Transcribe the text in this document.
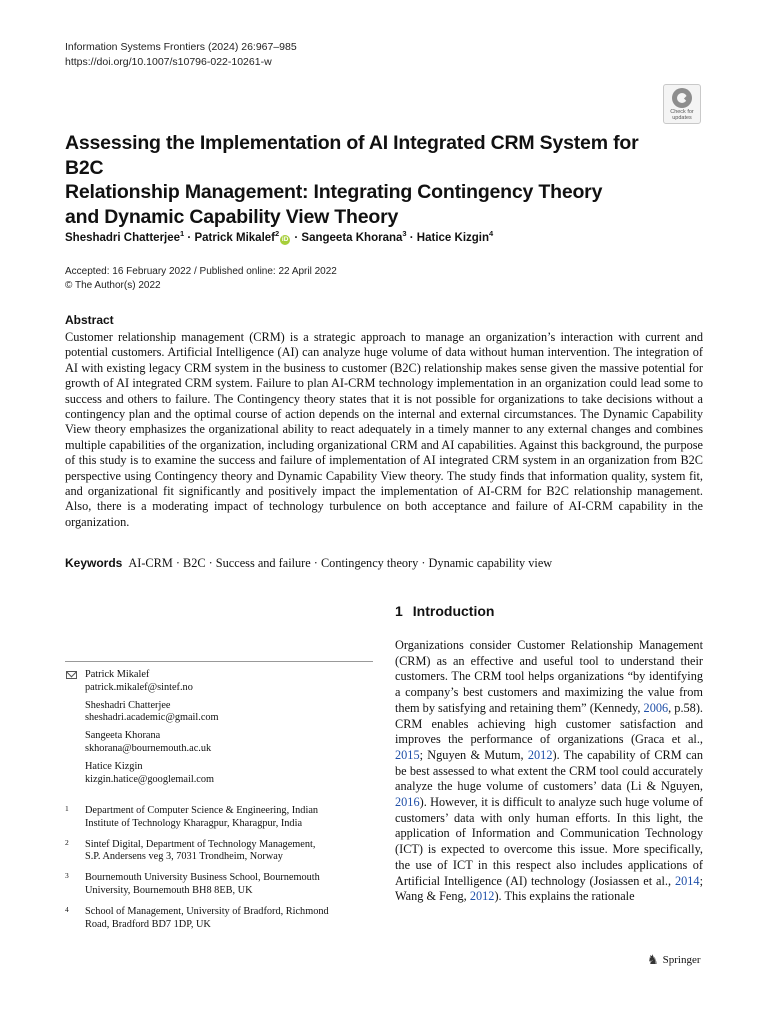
Information Systems Frontiers (2024) 26:967–985
https://doi.org/10.1007/s10796-022-10261-w
Check for
updates
Assessing the Implementation of AI Integrated CRM System for B2C
Relationship Management: Integrating Contingency Theory
and Dynamic Capability View Theory
Sheshadri Chatterjee$^1$ · Patrick Mikalef$^2$iD · Sangeeta Khorana$^3$ · Hatice Kizgin$^4$
Accepted: 16 February 2022 / Published online: 22 April 2022
© The Author(s) 2022
Abstract

Customer relationship management (CRM) is a strategic approach to manage an organization’s interaction with current and potential customers. Artificial Intelligence (AI) can analyze huge volume of data without human intervention. The integration of AI with existing legacy CRM system in the business to customer (B2C) relationship makes sense given the massive potential for growth of AI integrated CRM system. Failure to plan AI-CRM technology implementation in an organization could lead some to success and others to failure. The Contingency theory states that it is not possible for organizations to take decisions without a contingency plan and the optimal course of action depends on the internal and external circumstances. The Dynamic Capability View theory emphasizes the organizational ability to react adequately in a timely manner to any external changes and combines multiple capabilities of the organization, including organizational CRM and AI capabilities. Against this background, the purpose of this study is to examine the success and failure of implementation of AI integrated CRM system in an organization from B2C perspective using Contingency theory and Dynamic Capability View theory. The study finds that information quality, system fit, and organizational fit significantly and positively impact the implementation of AI-CRM for B2C relationship management. Also, there is a moderating impact of technology turbulence on both acceptance and failure of AI-CRM capability in the organization.

Keywords AI-CRM · B2C · Success and failure · Contingency theory · Dynamic capability view
1 Introduction

Organizations consider Customer Relationship Management (CRM) as an effective and useful tool to understand their customers. The CRM tool helps organizations “by identifying a company’s best customers and maximizing the value from them by satisfying and retaining them” (Kennedy, 2006, p.58). CRM enables achieving high customer satisfaction and improves the performance of organizations (Graca et al., 2015; Nguyen & Mutum, 2012). The capability of CRM can be best assessed to what extent the CRM tool could accurately analyze the huge volume of customers’ data (Li & Nguyen, 2016). However, it is difficult to analyze such huge volume of customers’ data with only human efforts. In this light, the application of Information and Communication Technology (ICT) is expected to overcome this issue. More specifically, the use of ICT in this respect also includes applications of Artificial Intelligence (AI) technology (Josiassen et al., 2014; Wang & Feng, 2012). This explains the rationale

Patrick Mikalef
patrick.mikalef@sintef.no
Sheshadri Chatterjee
sheshadri.academic@gmail.com
Sangeeta Khorana
skhorana@bournemouth.ac.uk
Hatice Kizgin
kizgin.hatice@googlemail.com
1 Department of Computer Science & Engineering, Indian
Institute of Technology Kharagpur, Kharagpur, India
2 Sintef Digital, Department of Technology Management,
S.P. Andersens veg 3, 7031 Trondheim, Norway
3 Bournemouth University Business School, Bournemouth
University, Bournemouth BH8 8EB, UK
4 School of Management, University of Bradford, Richmond
Road, Bradford BD7 1DP, UK
♞ Springer
